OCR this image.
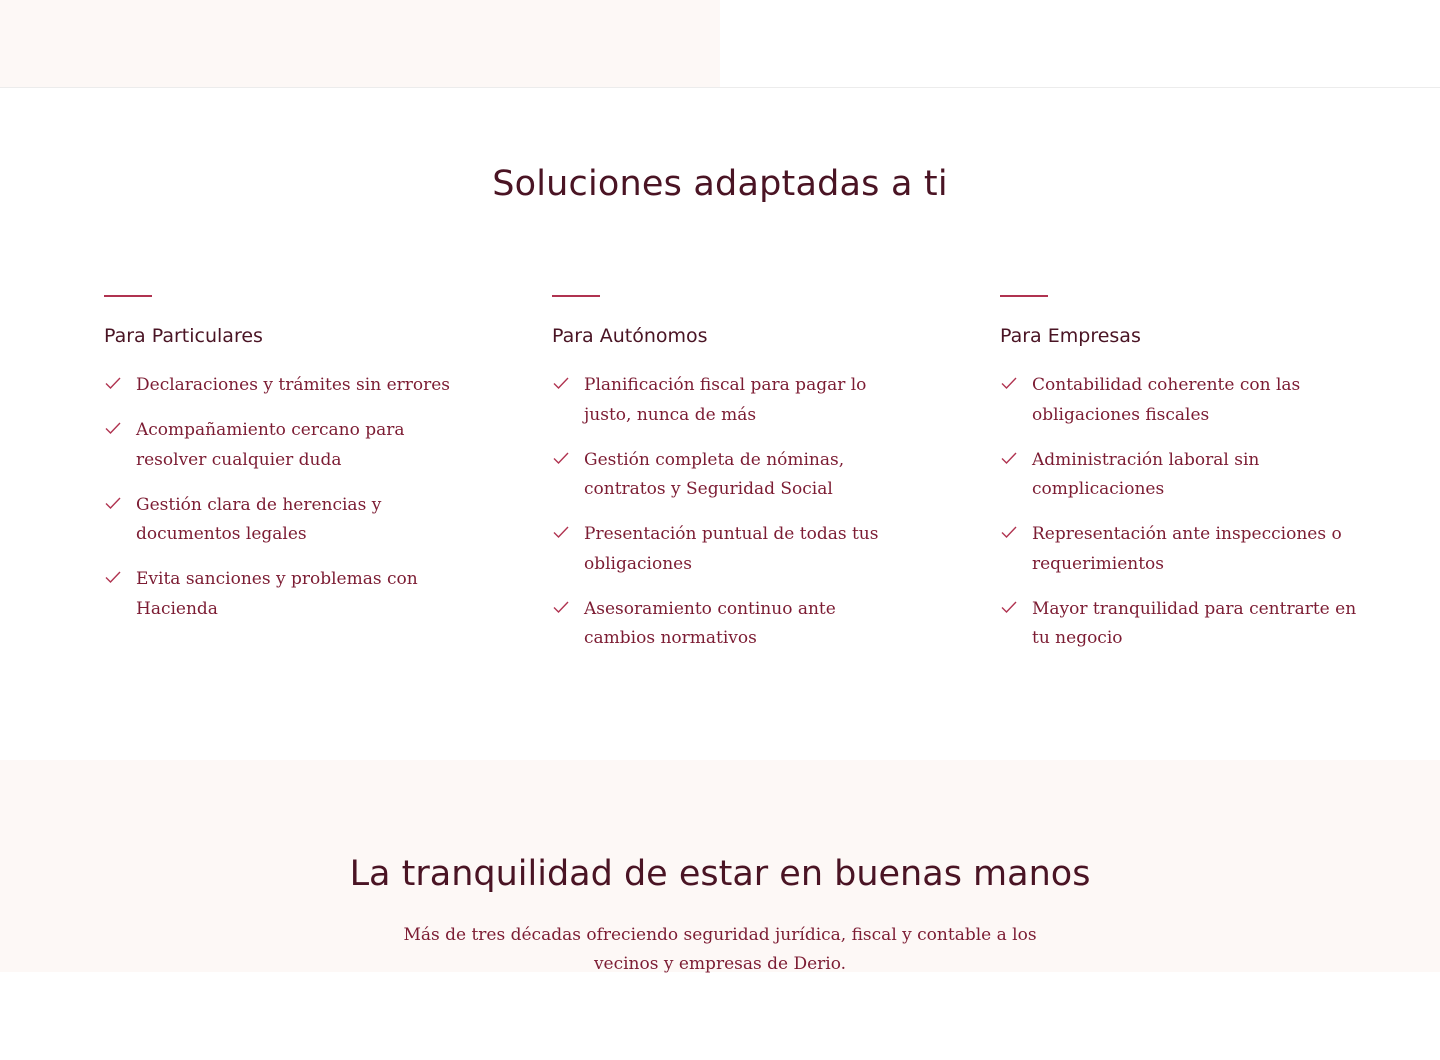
Soluciones adaptadas a ti
Para Particulares
Declaraciones y trámites sin errores
Acompañamiento cercano para resolver cualquier duda
Gestión clara de herencias y documentos legales
Evita sanciones y problemas con Hacienda
Para Autónomos
Planificación fiscal para pagar lo justo, nunca de más
Gestión completa de nóminas, contratos y Seguridad Social
Presentación puntual de todas tus obligaciones
Asesoramiento continuo ante cambios normativos
Para Empresas
Contabilidad coherente con las obligaciones fiscales
Administración laboral sin complicaciones
Representación ante inspecciones o requerimientos
Mayor tranquilidad para centrarte en tu negocio
La tranquilidad de estar en buenas manos

Más de tres décadas ofreciendo seguridad jurídica, fiscal y contable a los vecinos y empresas de Derio.
